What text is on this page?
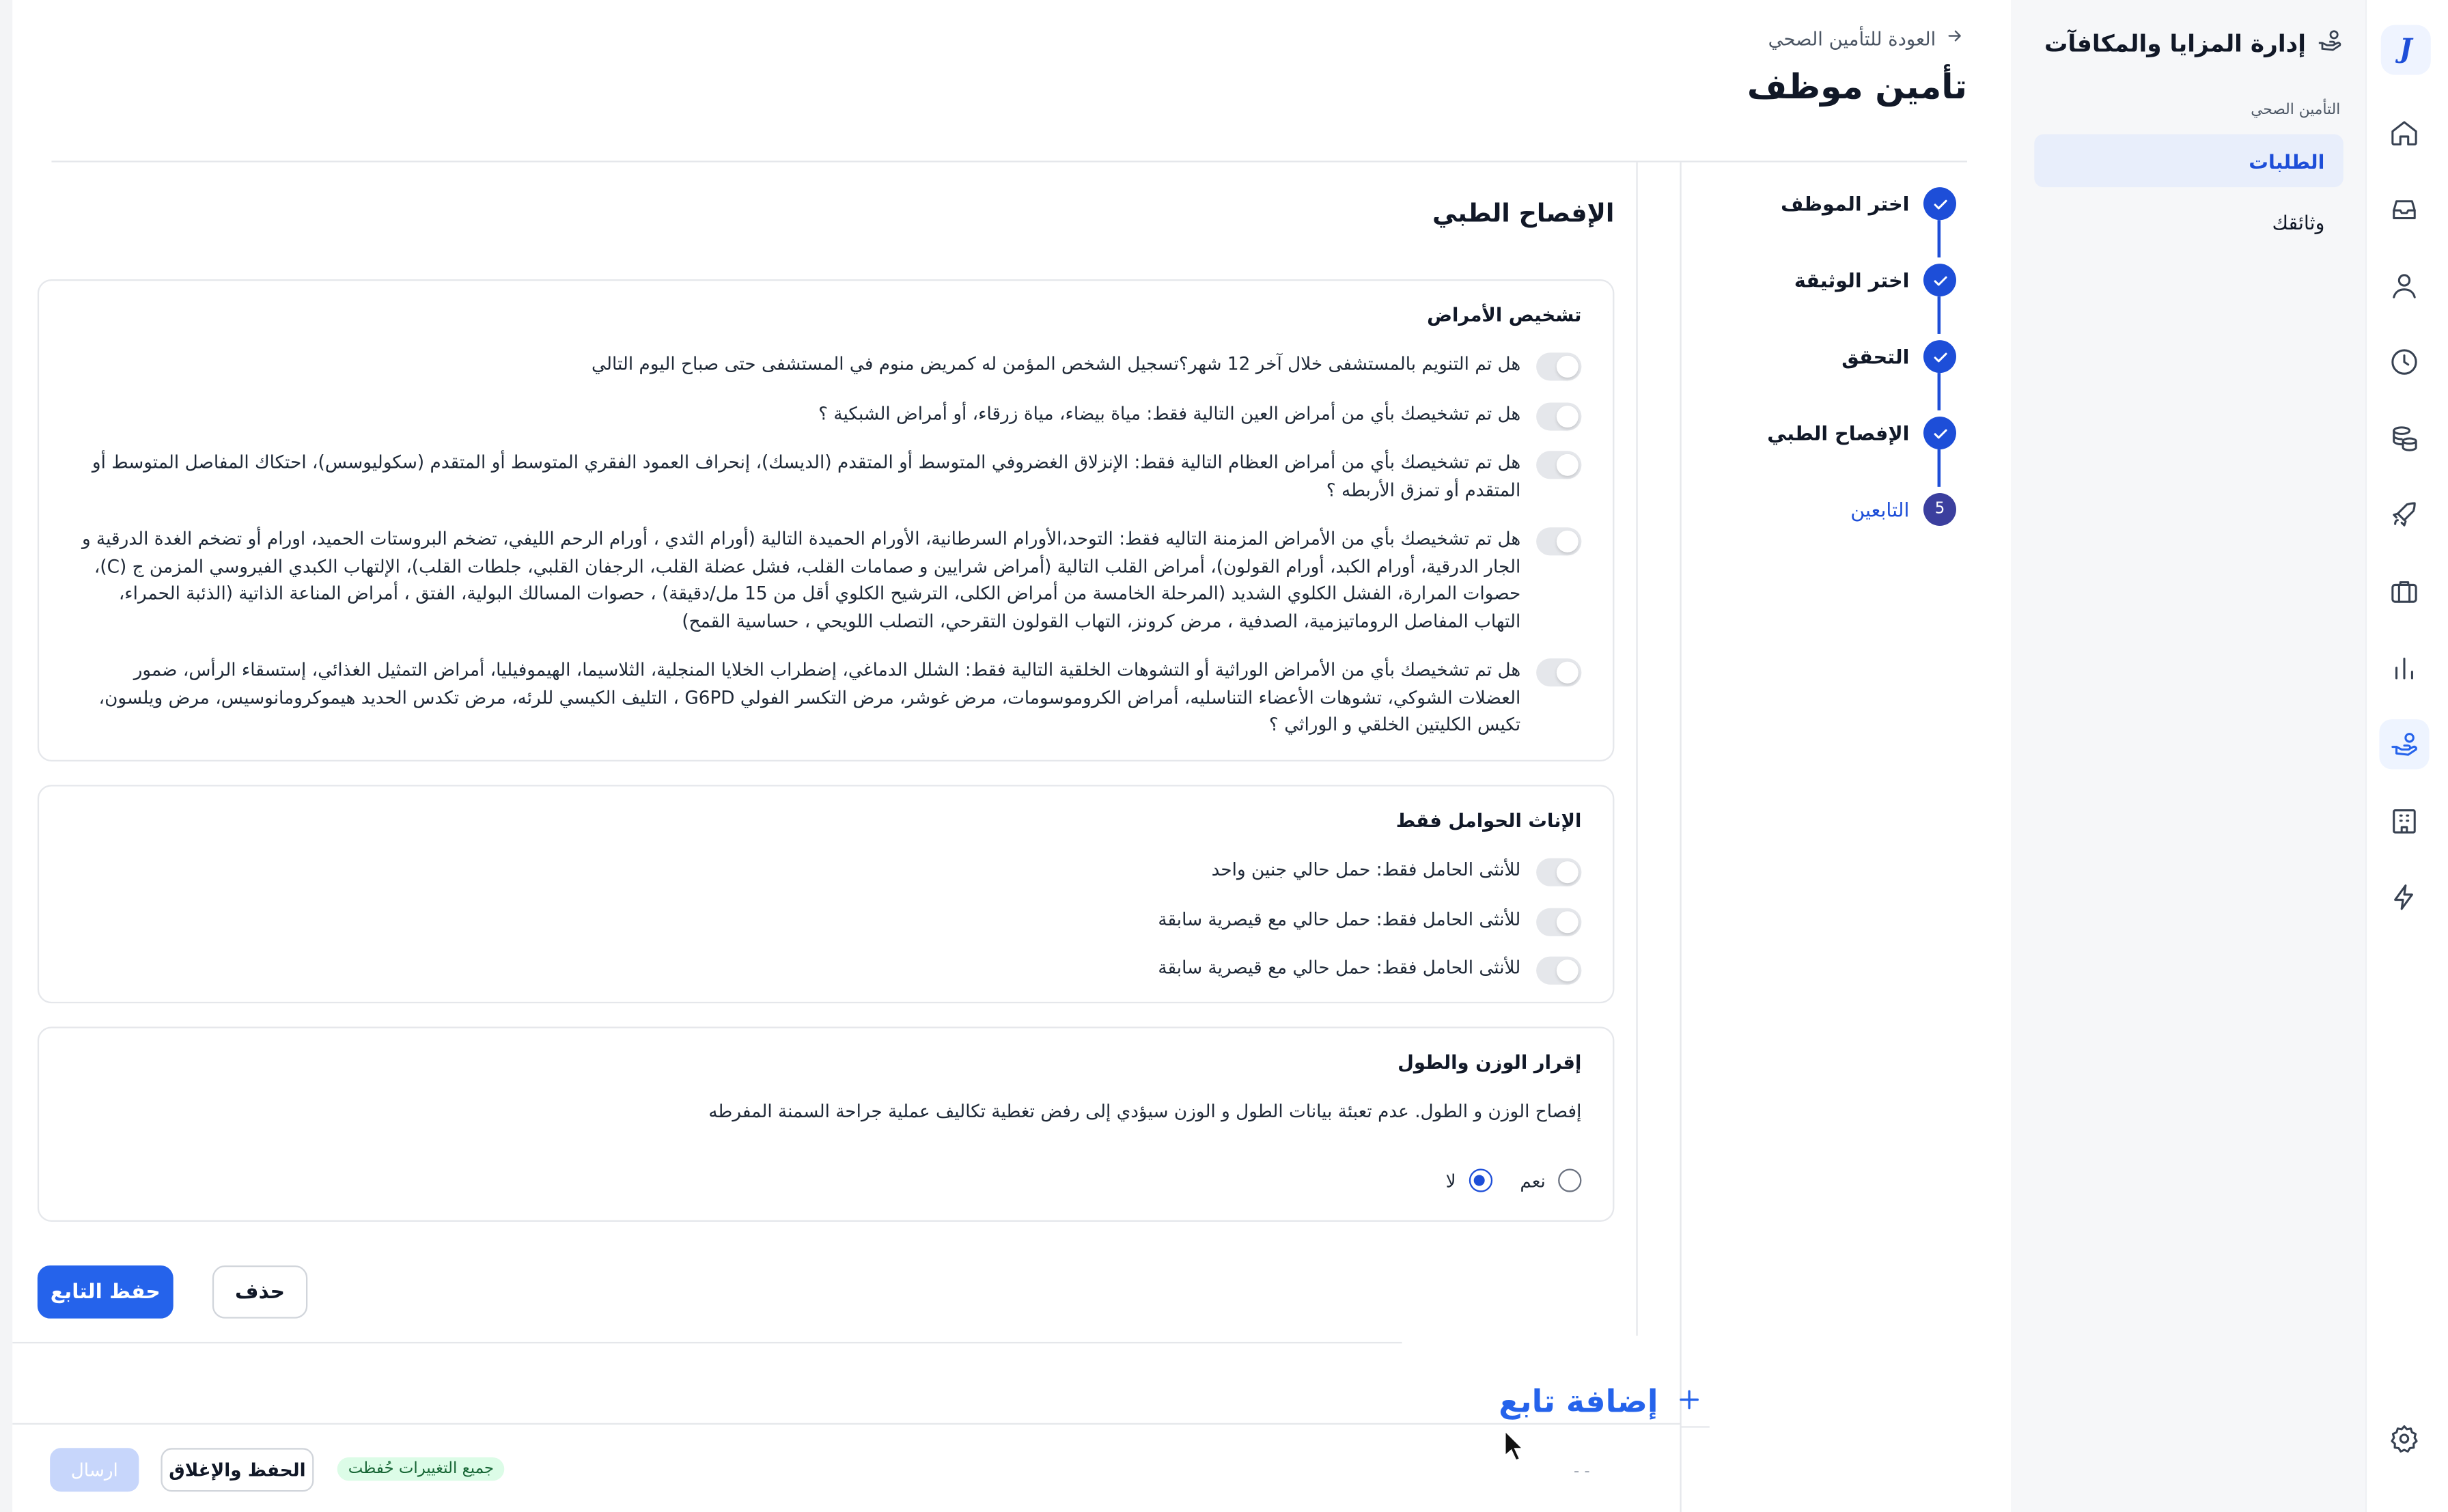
العودة للتأمين الصحي
تأمين موظف
اختر الموظف
اختر الوثيقة
التحقق
الإفصاح الطبي
5
التابعين
الإفصاح الطبي
تشخيص الأمراض
هل تم التنويم بالمستشفى خلال آخر 12 شهر؟تسجيل الشخص المؤمن له كمريض منوم في المستشفى حتى صباح اليوم التالي
هل تم تشخيصك بأي من أمراض العين التالية فقط: مياة بيضاء، مياة زرقاء، أو أمراض الشبكية ؟
هل تم تشخيصك بأي من أمراض العظام التالية فقط: الإنزلاق الغضروفي المتوسط أو المتقدم (الديسك)، إنحراف العمود الفقري المتوسط أو المتقدم (سكوليوسس)، احتكاك المفاصل المتوسط أو المتقدم أو تمزق الأربطه ؟
هل تم تشخيصك بأي من الأمراض المزمنة التاليه فقط: التوحد،الأورام السرطانية، الأورام الحميدة التالية (أورام الثدي ، أورام الرحم الليفي، تضخم البروستات الحميد، اورام أو تضخم الغدة الدرقية و الجار الدرقية، أورام الكبد، أورام القولون)، أمراض القلب التالية (أمراض شرايين و صمامات القلب، فشل عضلة القلب، الرجفان القلبي، جلطات القلب)، الإلتهاب الكبدي الفيروسي المزمن ج (C)، حصوات المرارة، الفشل الكلوي الشديد (المرحلة الخامسة من أمراض الكلى، الترشيح الكلوي أقل من 15 مل/دقيقة) ، حصوات المسالك البولية، الفتق ، أمراض المناعة الذاتية (الذئبة الحمراء، التهاب المفاصل الروماتيزمية، الصدفية ، مرض كرونز، التهاب القولون التقرحي، التصلب اللويحي ، حساسية القمح)
هل تم تشخيصك بأي من الأمراض الوراثية أو التشوهات الخلقية التالية فقط: الشلل الدماغي، إضطراب الخلايا المنجلية، الثلاسيما، الهيموفيليا، أمراض التمثيل الغذائي، إستسقاء الرأس، ضمور العضلات الشوكي، تشوهات الأعضاء التناسليه، أمراض الكروموسومات، مرض غوشر، مرض التكسر الفولي G6PD ، التليف الكيسي للرئه، مرض تكدس الحديد هيموكرومانوسيس، مرض ويلسون، تكيس الكليتين الخلقي و الوراثي ؟
الإناث الحوامل فقط
للأنثى الحامل فقط: حمل حالي جنين واحد
للأنثى الحامل فقط: حمل حالي مع قيصرية سابقة
للأنثى الحامل فقط: حمل حالي مع قيصرية سابقة
إقرار الوزن والطول
إفصاح الوزن و الطول. عدم تعبئة بيانات الطول و الوزن سيؤدي إلى رفض تغطية تكاليف عملية جراحة السمنة المفرطه
نعم
لا
حفظ التابع	حذف
إضافة تابع
ارسال	الحفظ والإغلاق	جميع التغييرات حُفظت	- -
إدارة المزايا والمكافآت
التأمين الصحي
الطلبات
وثائقك
J
